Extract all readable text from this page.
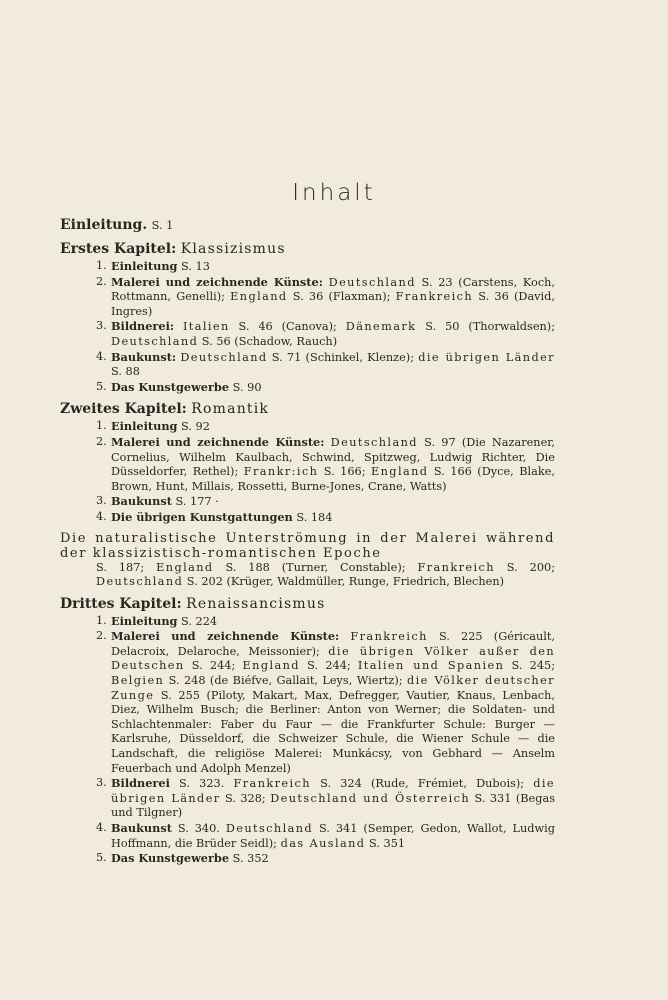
Inhalt
Einleitung. S. 1
Erstes Kapitel: Klassizismus
1. Einleitung S. 13
2. Malerei und zeichnende Künste: Deutschland S. 23 (Carstens, Koch, Rottmann, Genelli); England S. 36 (Flaxman); Frankreich S. 36 (David, Ingres)
3. Bildnerei: Italien S. 46 (Canova); Dänemark S. 50 (Thorwaldsen); Deutschland S. 56 (Schadow, Rauch)
4. Baukunst: Deutschland S. 71 (Schinkel, Klenze); die übrigen Länder S. 88
5. Das Kunstgewerbe S. 90
Zweites Kapitel: Romantik
1. Einleitung S. 92
2. Malerei und zeichnende Künste: Deutschland S. 97 (Die Nazarener, Cornelius, Wilhelm Kaulbach, Schwind, Spitzweg, Ludwig Richter, Die Düsseldorfer, Rethel); Frankr:ich S. 166; England S. 166 (Dyce, Blake, Brown, Hunt, Millais, Rossetti, Burne-Jones, Crane, Watts)
3. Baukunst S. 177 ·
4. Die übrigen Kunstgattungen S. 184
Die naturalistische Unterströmung in der Malerei während der klassizistisch-romantischen Epoche
S. 187; England S. 188 (Turner, Constable); Frankreich S. 200; Deutschland S. 202 (Krüger, Waldmüller, Runge, Friedrich, Blechen)
Drittes Kapitel: Renaissancismus
1. Einleitung S. 224
2. Malerei und zeichnende Künste: Frankreich S. 225 (Géricault, Delacroix, Delaroche, Meissonier); die übrigen Völker außer den Deutschen S. 244; England S. 244; Italien und Spanien S. 245; Belgien S. 248 (de Biéfve, Gallait, Leys, Wiertz); die Völker deutscher Zunge S. 255 (Piloty, Makart, Max, Defregger, Vautier, Knaus, Lenbach, Diez, Wilhelm Busch; die Berliner: Anton von Werner; die Soldaten- und Schlachtenmaler: Faber du Faur — die Frankfurter Schule: Burger — Karlsruhe, Düsseldorf, die Schweizer Schule, die Wiener Schule — die Landschaft, die religiöse Malerei: Munkácsy, von Gebhard — Anselm Feuerbach und Adolph Menzel)
3. Bildnerei S. 323. Frankreich S. 324 (Rude, Frémiet, Dubois); die übrigen Länder S. 328; Deutschland und Österreich S. 331 (Begas und Tilgner)
4. Baukunst S. 340. Deutschland S. 341 (Semper, Gedon, Wallot, Ludwig Hoffmann, die Brüder Seidl); das Ausland S. 351
5. Das Kunstgewerbe S. 352
